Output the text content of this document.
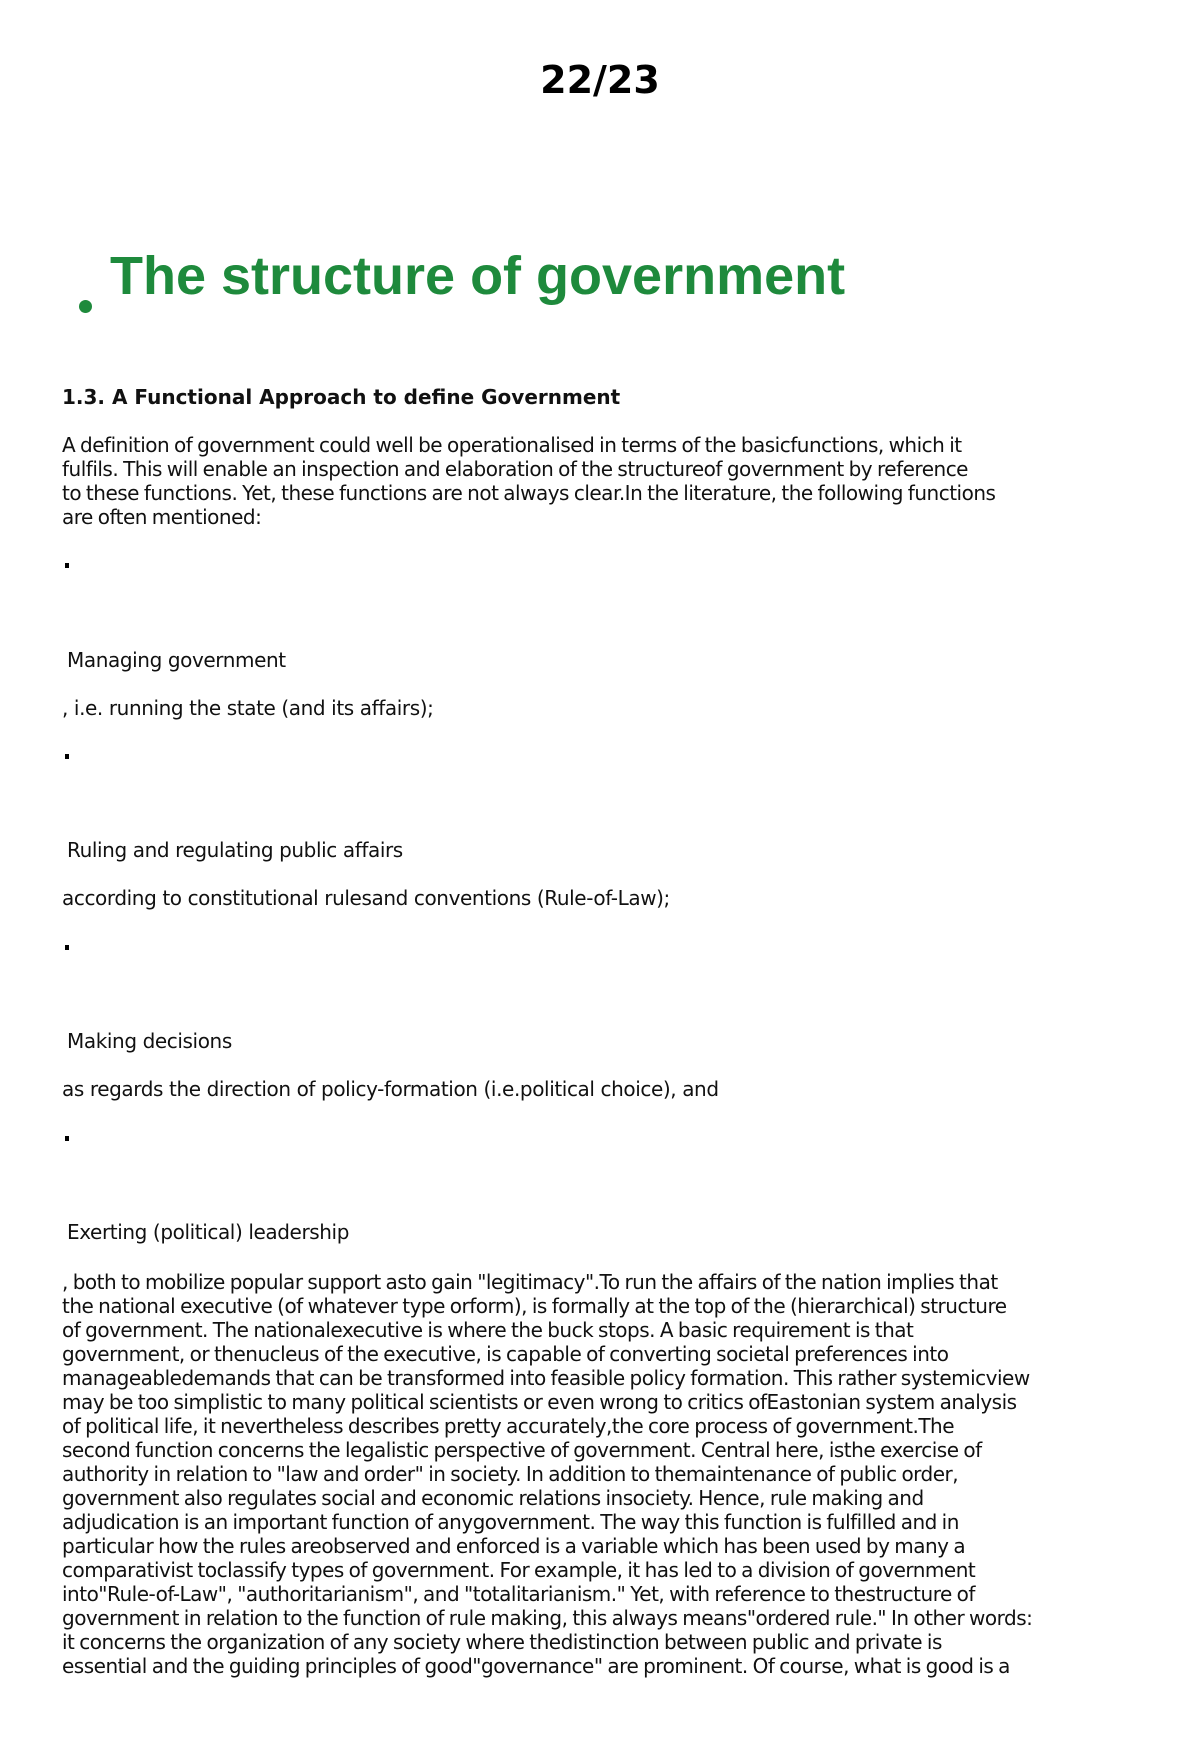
22/23
The structure of government
1.3. A Functional Approach to define Government

A definition of government could well be operationalised in terms of the basicfunctions, which it

fulfils. This will enable an inspection and elaboration of the structureof government by reference

to these functions. Yet, these functions are not always clear.In the literature, the following functions

are often mentioned:

Managing government
, i.e. running the state (and its affairs);
Ruling and regulating public affairs
according to constitutional rulesand conventions (Rule-of-Law);
Making decisions
as regards the direction of policy-formation (i.e.political choice), and
Exerting (political) leadership

, both to mobilize popular support asto gain "legitimacy".To run the affairs of the nation implies that

the national executive (of whatever type orform), is formally at the top of the (hierarchical) structure

of government. The nationalexecutive is where the buck stops. A basic requirement is that

government, or thenucleus of the executive, is capable of converting societal preferences into

manageabledemands that can be transformed into feasible policy formation. This rather systemicview

may be too simplistic to many political scientists or even wrong to critics ofEastonian system analysis

of political life, it nevertheless describes pretty accurately,the core process of government.The

second function concerns the legalistic perspective of government. Central here, isthe exercise of

authority in relation to "law and order" in society. In addition to themaintenance of public order,

government also regulates social and economic relations insociety. Hence, rule making and

adjudication is an important function of anygovernment. The way this function is fulfilled and in

particular how the rules areobserved and enforced is a variable which has been used by many a

comparativist toclassify types of government. For example, it has led to a division of government

into"Rule-of-Law", "authoritarianism", and "totalitarianism." Yet, with reference to thestructure of

government in relation to the function of rule making, this always means"ordered rule." In other words:

it concerns the organization of any society where thedistinction between public and private is

essential and the guiding principles of good"governance" are prominent. Of course, what is good is a
